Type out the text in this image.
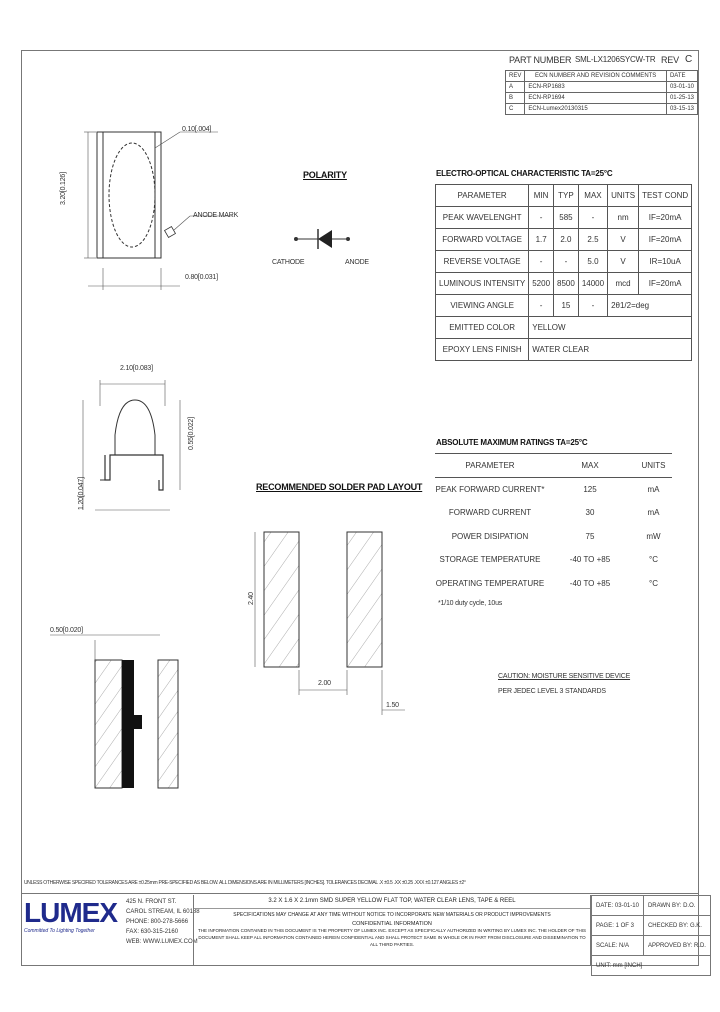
PART NUMBER SML-LX1206SYCW-TR REV C
REV	ECN NUMBER AND REVISION COMMENTS	DATE
A	ECN-RP1683	03-01-10
B	ECN-RP1694	01-25-13
C	ECN-Lumex20130315	03-15-13
0.10[.004]
3.20[0.126]
0.80[0.031]
ANODE MARK
POLARITY
CATHODE	ANODE
ELECTRO-OPTICAL CHARACTERISTIC TA=25°C
PARAMETER	MIN	TYP	MAX	UNITS	TEST COND
PEAK WAVELENGHT	-	585	-	nm	IF=20mA
FORWARD VOLTAGE	1.7	2.0	2.5	V	IF=20mA
REVERSE VOLTAGE	-	-	5.0	V	IR=10uA
LUMINOUS INTENSITY	5200	8500	14000	mcd	IF=20mA
VIEWING ANGLE	-	15	-	2θ1/2=deg	
EMITTED COLOR	YELLOW				
EPOXY LENS FINISH	WATER CLEAR				
2.10[0.083]
1.20[0.047]
0.55[0.022]	ABSOLUTE MAXIMUM RATINGS TA=25°C
PARAMETER	MAX	UNITS
PEAK FORWARD CURRENT*	125	mA
FORWARD CURRENT	30	mA
POWER DISIPATION	75	mW
STORAGE TEMPERATURE	-40 TO +85	°C
OPERATING TEMPERATURE	-40 TO +85	°C
*1/10 duty cycle, 10us
RECOMMENDED SOLDER PAD LAYOUT
2.40
2.00
1.50
CAUTION: MOISTURE SENSITIVE DEVICE
PER JEDEC LEVEL 3 STANDARDS
0.50[0.020]
UNLESS OTHERWISE SPECIFIED TOLERANCES ARE ±0.25mm PRE-SPECIFIED AS BELOW. ALL DIMENSIONS ARE IN MILLIMETERS [INCHES]. TOLERANCES DECIMAL .X ±0.5 .XX ±0.25 .XXX ±0.127 ANGLES ±2°
LUMEX
Committed To Lighting Together
425 N. FRONT ST.
CAROL STREAM, IL 60188
PHONE: 800-278-5666
FAX: 630-315-2160
WEB: WWW.LUMEX.COM
3.2 X 1.6 X 2.1mm SMD SUPER YELLOW FLAT TOP, WATER CLEAR LENS, TAPE & REEL
SPECIFICATIONS MAY CHANGE AT ANY TIME WITHOUT NOTICE TO INCORPORATE NEW MATERIALS OR PRODUCT IMPROVEMENTS
CONFIDENTIAL INFORMATION
THE INFORMATION CONTAINED IN THIS DOCUMENT IS THE PROPERTY OF LUMEX INC. EXCEPT AS SPECIFICALLY AUTHORIZED IN WRITING BY LUMEX INC. THE HOLDER OF THIS DOCUMENT SHALL KEEP ALL INFORMATION CONTAINED HEREIN CONFIDENTIAL AND SHALL PROTECT SAME IN WHOLE OR IN PART FROM DISCLOSURE AND DISSEMINATION TO ALL THIRD PARTIES.
DATE: 03-01-10	DRAWN BY: D.O.
PAGE: 1 OF 3	CHECKED BY: G.K.
SCALE: N/A	APPROVED BY: R.D.
UNIT: mm [INCH]	
